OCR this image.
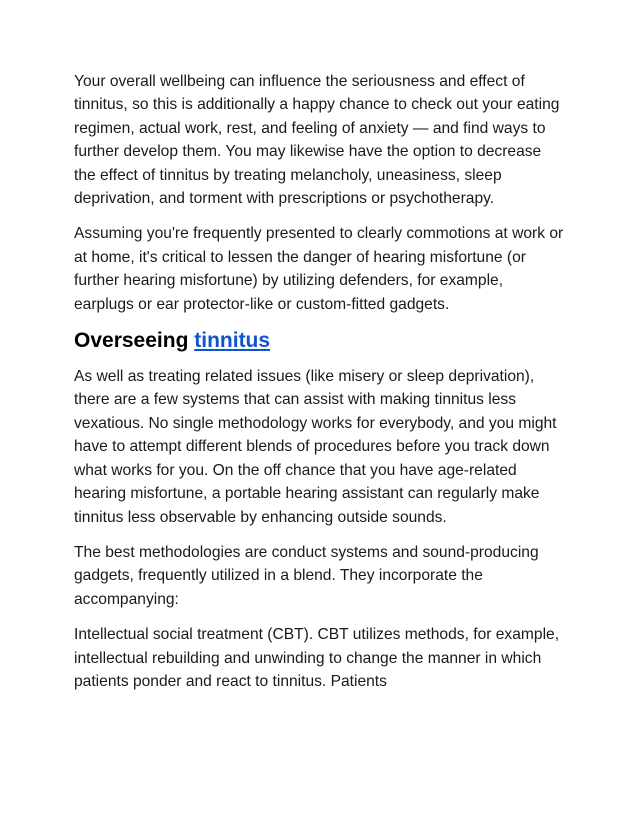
Your overall wellbeing can influence the seriousness and effect of tinnitus, so this is additionally a happy chance to check out your eating regimen, actual work, rest, and feeling of anxiety — and find ways to further develop them. You may likewise have the option to decrease the effect of tinnitus by treating melancholy, uneasiness, sleep deprivation, and torment with prescriptions or psychotherapy.

Assuming you're frequently presented to clearly commotions at work or at home, it's critical to lessen the danger of hearing misfortune (or further hearing misfortune) by utilizing defenders, for example, earplugs or ear protector-like or custom-fitted gadgets.

Overseeing tinnitus

As well as treating related issues (like misery or sleep deprivation), there are a few systems that can assist with making tinnitus less vexatious. No single methodology works for everybody, and you might have to attempt different blends of procedures before you track down what works for you. On the off chance that you have age-related hearing misfortune, a portable hearing assistant can regularly make tinnitus less observable by enhancing outside sounds.

The best methodologies are conduct systems and sound-producing gadgets, frequently utilized in a blend. They incorporate the accompanying:

Intellectual social treatment (CBT). CBT utilizes methods, for example, intellectual rebuilding and unwinding to change the manner in which patients ponder and react to tinnitus. Patients
